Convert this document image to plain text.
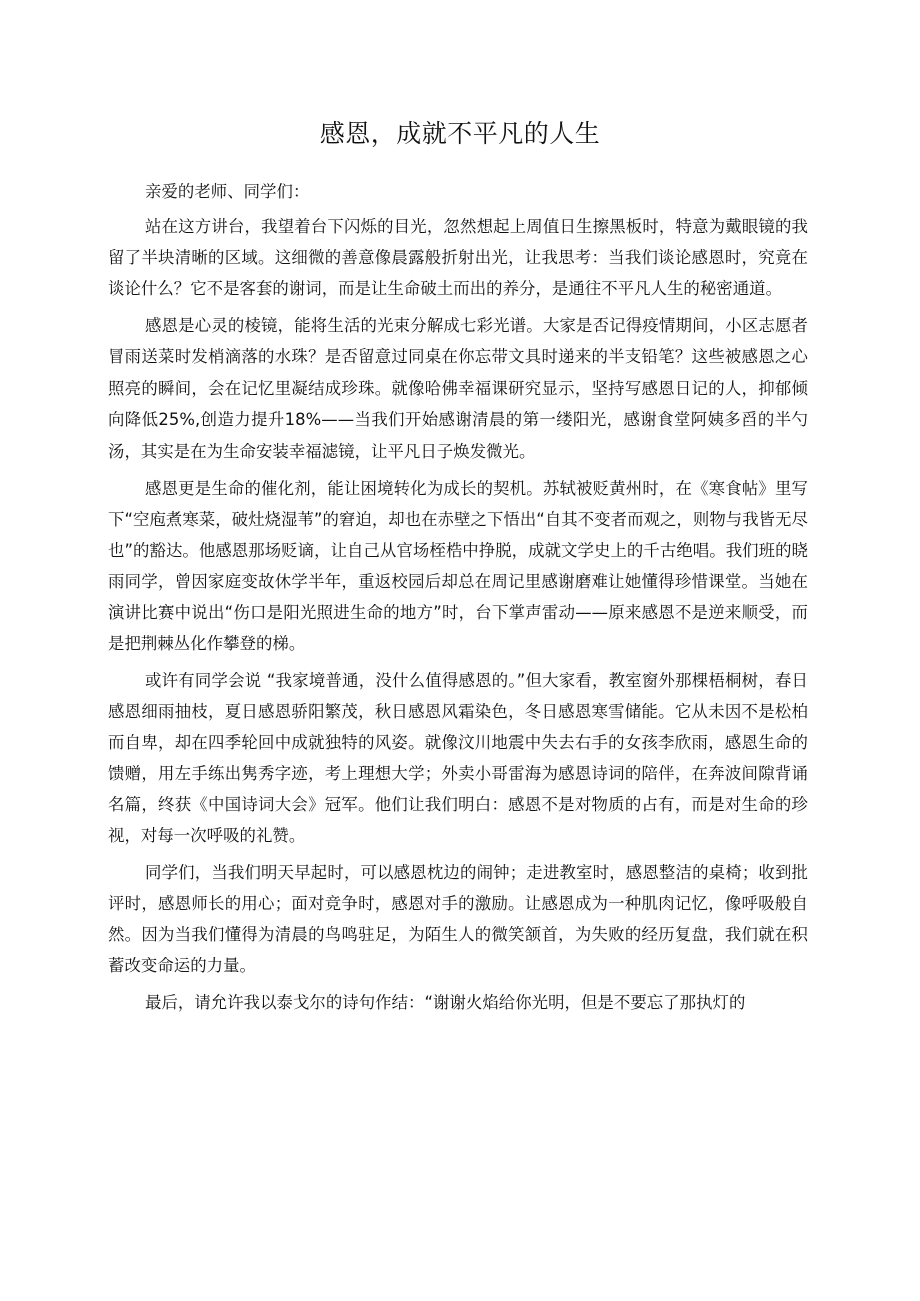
感恩，成就不平凡的人生

亲爱的老师、同学们：

站在这方讲台，我望着台下闪烁的目光，忽然想起上周值日生擦黑板时，特意为戴眼镜的我留了半块清晰的区域。这细微的善意像晨露般折射出光，让我思考：当我们谈论感恩时，究竟在谈论什么？它不是客套的谢词，而是让生命破土而出的养分，是通往不平凡人生的秘密通道。

感恩是心灵的棱镜，能将生活的光束分解成七彩光谱。大家是否记得疫情期间，小区志愿者冒雨送菜时发梢滴落的水珠？是否留意过同桌在你忘带文具时递来的半支铅笔？这些被感恩之心照亮的瞬间，会在记忆里凝结成珍珠。就像哈佛幸福课研究显示，坚持写感恩日记的人，抑郁倾向降低25%,创造力提升18%——当我们开始感谢清晨的第一缕阳光，感谢食堂阿姨多舀的半勺汤，其实是在为生命安装幸福滤镜，让平凡日子焕发微光。

感恩更是生命的催化剂，能让困境转化为成长的契机。苏轼被贬黄州时，在《寒食帖》里写下“空庖煮寒菜，破灶烧湿苇”的窘迫，却也在赤壁之下悟出“自其不变者而观之，则物与我皆无尽也”的豁达。他感恩那场贬谪，让自己从官场桎梏中挣脱，成就文学史上的千古绝唱。我们班的晓雨同学，曾因家庭变故休学半年，重返校园后却总在周记里感谢磨难让她懂得珍惜课堂。当她在演讲比赛中说出“伤口是阳光照进生命的地方”时，台下掌声雷动——原来感恩不是逆来顺受，而是把荆棘丛化作攀登的梯。

或许有同学会说 “我家境普通，没什么值得感恩的。”但大家看，教室窗外那棵梧桐树，春日感恩细雨抽枝，夏日感恩骄阳繁茂，秋日感恩风霜染色，冬日感恩寒雪储能。它从未因不是松柏而自卑，却在四季轮回中成就独特的风姿。就像汶川地震中失去右手的女孩李欣雨，感恩生命的馈赠，用左手练出隽秀字迹，考上理想大学；外卖小哥雷海为感恩诗词的陪伴，在奔波间隙背诵名篇，终获《中国诗词大会》冠军。他们让我们明白：感恩不是对物质的占有，而是对生命的珍视，对每一次呼吸的礼赞。

同学们，当我们明天早起时，可以感恩枕边的闹钟；走进教室时，感恩整洁的桌椅；收到批评时，感恩师长的用心；面对竞争时，感恩对手的激励。让感恩成为一种肌肉记忆，像呼吸般自然。因为当我们懂得为清晨的鸟鸣驻足，为陌生人的微笑颔首，为失败的经历复盘，我们就在积蓄改变命运的力量。

最后，请允许我以泰戈尔的诗句作结：“谢谢火焰给你光明，但是不要忘了那执灯的
